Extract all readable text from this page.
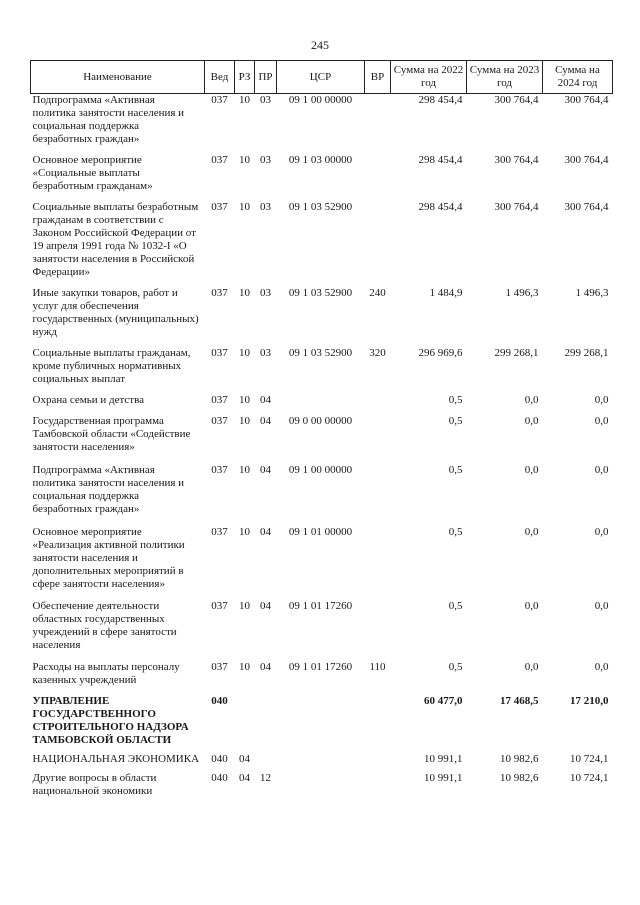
245
Наименование	Вед	РЗ	ПР	ЦСР	ВР	Сумма на 2022 год	Сумма на 2023 год	Сумма на 2024 год
Подпрограмма «Активная политика занятости населения и социальная поддержка безработных граждан»	037	10	03	09 1 00 00000		298 454,4	300 764,4	300 764,4
Основное мероприятие «Социальные выплаты безработным гражданам»	037	10	03	09 1 03 00000		298 454,4	300 764,4	300 764,4
Социальные выплаты безработным гражданам в соответствии с Законом Российской Федерации от 19 апреля 1991 года № 1032-I «О занятости населения в Российской Федерации»	037	10	03	09 1 03 52900		298 454,4	300 764,4	300 764,4
Иные закупки товаров, работ и услуг для обеспечения государственных (муниципальных) нужд	037	10	03	09 1 03 52900	240	1 484,9	1 496,3	1 496,3
Социальные выплаты гражданам, кроме публичных нормативных социальных выплат	037	10	03	09 1 03 52900	320	296 969,6	299 268,1	299 268,1
Охрана семьи и детства	037	10	04			0,5	0,0	0,0
Государственная программа Тамбовской области «Содействие занятости населения»	037	10	04	09 0 00 00000		0,5	0,0	0,0
Подпрограмма «Активная политика занятости населения и социальная поддержка безработных граждан»	037	10	04	09 1 00 00000		0,5	0,0	0,0
Основное мероприятие «Реализация активной политики занятости населения и дополнительных мероприятий в сфере занятости населения»	037	10	04	09 1 01 00000		0,5	0,0	0,0
Обеспечение деятельности областных государственных учреждений в сфере занятости населения	037	10	04	09 1 01 17260		0,5	0,0	0,0
Расходы на выплаты персоналу казенных учреждений	037	10	04	09 1 01 17260	110	0,5	0,0	0,0
УПРАВЛЕНИЕ ГОСУДАРСТВЕННОГО СТРОИТЕЛЬНОГО НАДЗОРА ТАМБОВСКОЙ ОБЛАСТИ	040					60 477,0	17 468,5	17 210,0
НАЦИОНАЛЬНАЯ ЭКОНОМИКА	040	04				10 991,1	10 982,6	10 724,1
Другие вопросы в области национальной экономики	040	04	12			10 991,1	10 982,6	10 724,1
